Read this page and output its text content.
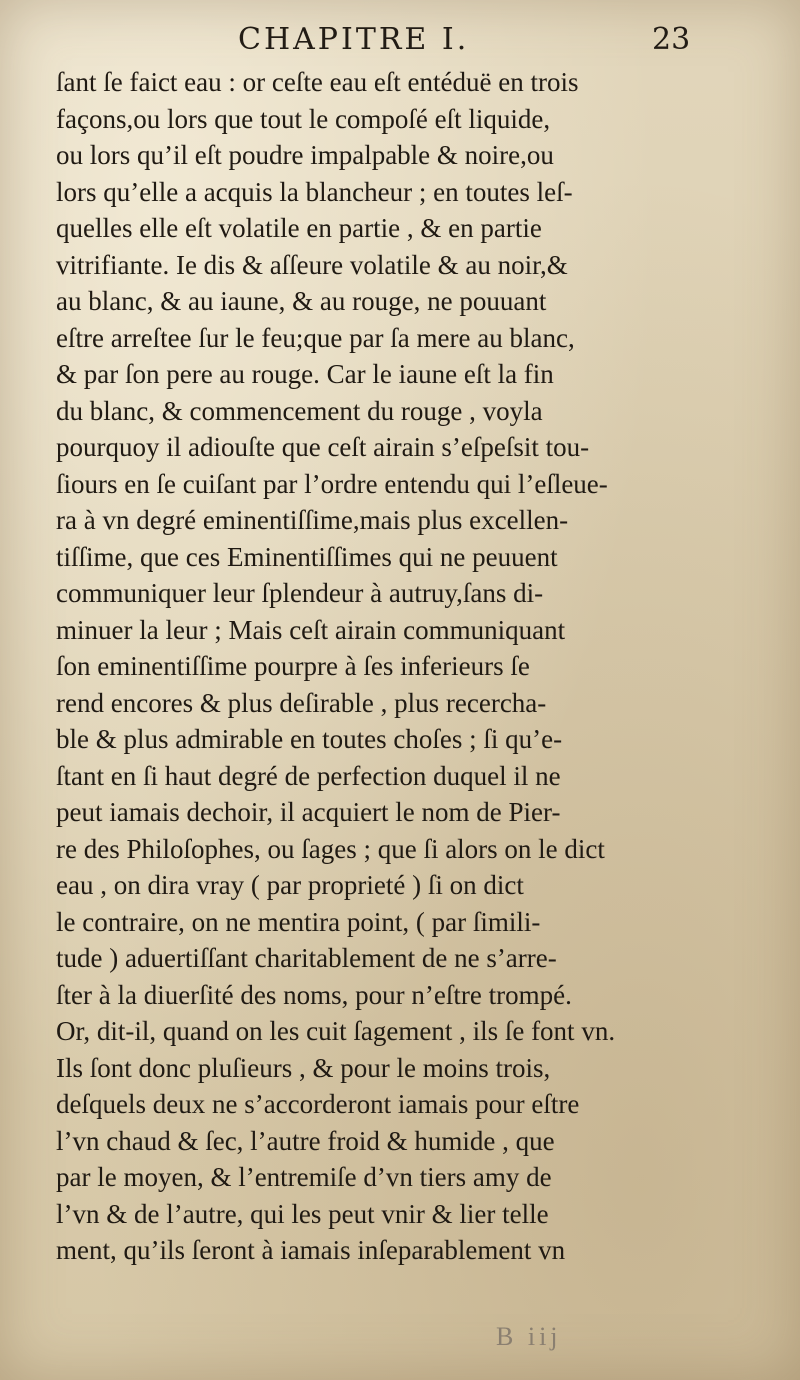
CHAPITRE I.	23
ſant ſe faict eau : or ceſte eau eſt entéduë en trois
façons,ou lors que tout le compoſé eſt liquide,
ou lors qu’il eſt poudre impalpable & noire,ou
lors qu’elle a acquis la blancheur ; en toutes leſ-
quelles elle eſt volatile en partie , & en partie
vitrifiante. Ie dis & aſſeure volatile & au noir,&
au blanc, & au iaune, & au rouge, ne pouuant
eſtre arreſtee ſur le feu;que par ſa mere au blanc,
& par ſon pere au rouge. Car le iaune eſt la fin
du blanc, & commencement du rouge , voyla
pourquoy il adiouſte que ceſt airain s’eſpeſsit tou-
ſiours en ſe cuiſant par l’ordre entendu qui l’eſleue-
ra à vn degré eminentiſſime,mais plus excellen-
tiſſime, que ces Eminentiſſimes qui ne peuuent
communiquer leur ſplendeur à autruy,ſans di-
minuer la leur ; Mais ceſt airain communiquant
ſon eminentiſſime pourpre à ſes inferieurs ſe
rend encores & plus deſirable , plus recercha-
ble & plus admirable en toutes choſes ; ſi qu’e-
ſtant en ſi haut degré de perfection duquel il ne
peut iamais dechoir, il acquiert le nom de Pier-
re des Philoſophes, ou ſages ; que ſi alors on le dict
eau , on dira vray ( par proprieté ) ſi on dict
le contraire, on ne mentira point, ( par ſimili-
tude ) aduertiſſant charitablement de ne s’arre-
ſter à la diuerſité des noms, pour n’eſtre trompé.
Or, dit-il, quand on les cuit ſagement , ils ſe font vn.
Ils ſont donc pluſieurs , & pour le moins trois,
deſquels deux ne s’accorderont iamais pour eſtre
l’vn chaud & ſec, l’autre froid & humide , que
par le moyen, & l’entremiſe d’vn tiers amy de
l’vn & de l’autre, qui les peut vnir & lier telle
ment, qu’ils ſeront à iamais inſeparablement vn
B iij
